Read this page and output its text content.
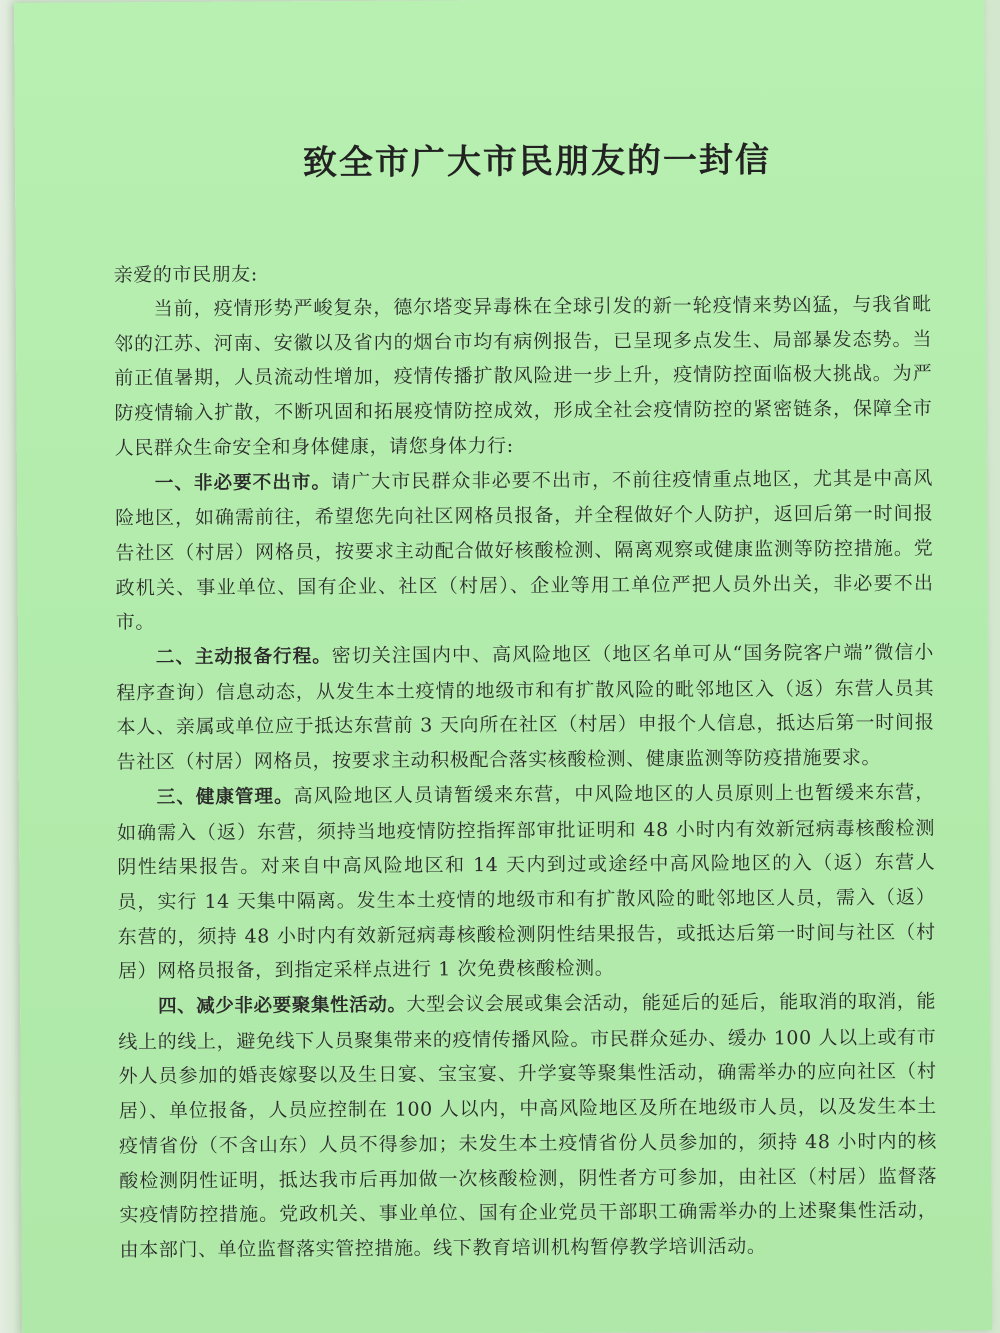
致全市广大市民朋友的一封信

亲爱的市民朋友:

当前，疫情形势严峻复杂，德尔塔变异毒株在全球引发的新一轮疫情来势凶猛，与我省毗邻的江苏、河南、安徽以及省内的烟台市均有病例报告，已呈现多点发生、局部暴发态势。当前正值暑期，人员流动性增加，疫情传播扩散风险进一步上升，疫情防控面临极大挑战。为严防疫情输入扩散，不断巩固和拓展疫情防控成效，形成全社会疫情防控的紧密链条，保障全市人民群众生命安全和身体健康，请您身体力行:

一、非必要不出市。请广大市民群众非必要不出市，不前往疫情重点地区，尤其是中高风险地区，如确需前往，希望您先向社区网格员报备，并全程做好个人防护，返回后第一时间报告社区（村居）网格员，按要求主动配合做好核酸检测、隔离观察或健康监测等防控措施。党政机关、事业单位、国有企业、社区（村居）、企业等用工单位严把人员外出关，非必要不出市。

二、主动报备行程。密切关注国内中、高风险地区（地区名单可从“国务院客户端”微信小程序查询）信息动态，从发生本土疫情的地级市和有扩散风险的毗邻地区入（返）东营人员其本人、亲属或单位应于抵达东营前 3 天向所在社区（村居）申报个人信息，抵达后第一时间报告社区（村居）网格员，按要求主动积极配合落实核酸检测、健康监测等防疫措施要求。

三、健康管理。高风险地区人员请暂缓来东营，中风险地区的人员原则上也暂缓来东营，如确需入（返）东营，须持当地疫情防控指挥部审批证明和 48 小时内有效新冠病毒核酸检测阴性结果报告。对来自中高风险地区和 14 天内到过或途经中高风险地区的入（返）东营人员，实行 14 天集中隔离。发生本土疫情的地级市和有扩散风险的毗邻地区人员，需入（返）东营的，须持 48 小时内有效新冠病毒核酸检测阴性结果报告，或抵达后第一时间与社区（村居）网格员报备，到指定采样点进行 1 次免费核酸检测。

四、减少非必要聚集性活动。大型会议会展或集会活动，能延后的延后，能取消的取消，能线上的线上，避免线下人员聚集带来的疫情传播风险。市民群众延办、缓办 100 人以上或有市外人员参加的婚丧嫁娶以及生日宴、宝宝宴、升学宴等聚集性活动，确需举办的应向社区（村居）、单位报备，人员应控制在 100 人以内，中高风险地区及所在地级市人员，以及发生本土疫情省份（不含山东）人员不得参加；未发生本土疫情省份人员参加的，须持 48 小时内的核酸检测阴性证明，抵达我市后再加做一次核酸检测，阴性者方可参加，由社区（村居）监督落实疫情防控措施。党政机关、事业单位、国有企业党员干部职工确需举办的上述聚集性活动，由本部门、单位监督落实管控措施。线下教育培训机构暂停教学培训活动。
